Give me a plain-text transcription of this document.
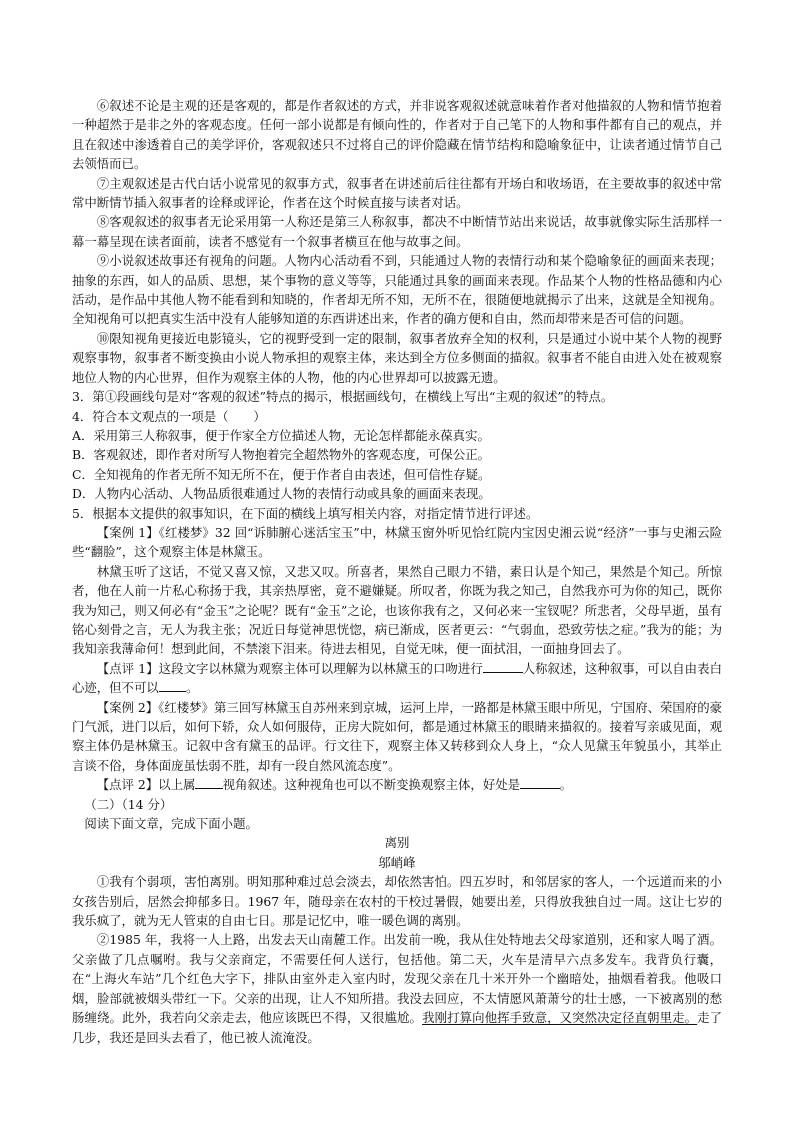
⑥叙述不论是主观的还是客观的，都是作者叙述的方式，并非说客观叙述就意味着作者对他描叙的人物和情节抱着一种超然于是非之外的客观态度。任何一部小说都是有倾向性的，作者对于自己笔下的人物和事件都有自己的观点，并且在叙述中渗透着自己的美学评价，客观叙述只不过将自己的评价隐藏在情节结构和隐喻象征中，让读者通过情节自己去领悟而已。

⑦主观叙述是古代白话小说常见的叙事方式，叙事者在讲述前后往往都有开场白和收场语，在主要故事的叙述中常常中断情节插入叙事者的诠释或评论，作者在这个时候直接与读者对话。

⑧客观叙述的叙事者无论采用第一人称还是第三人称叙事，都决不中断情节站出来说话，故事就像实际生活那样一幕一幕呈现在读者面前，读者不感觉有一个叙事者横亘在他与故事之间。

⑨小说叙述故事还有视角的问题。人物内心活动看不到，只能通过人物的表情行动和某个隐喻象征的画面来表现；抽象的东西，如人的品质、思想，某个事物的意义等等，只能通过具象的画面来表现。作品某个人物的性格品德和内心活动，是作品中其他人物不能看到和知晓的，作者却无所不知，无所不在，很随便地就揭示了出来，这就是全知视角。全知视角可以把真实生活中没有人能够知道的东西讲述出来，作者的确方便和自由，然而却带来是否可信的问题。

⑩限知视角更接近电影镜头，它的视野受到一定的限制，叙事者放弃全知的权利，只是通过小说中某个人物的视野观察事物，叙事者不断变换由小说人物承担的观察主体，来达到全方位多侧面的描叙。叙事者不能自由进入处在被观察地位人物的内心世界，但作为观察主体的人物，他的内心世界却可以披露无遗。

3．第①段画线句是对“客观的叙述”特点的揭示，根据画线句，在横线上写出“主观的叙述”的特点。

4．符合本文观点的一项是（　　）

A．采用第三人称叙事，便于作家全方位描述人物，无论怎样都能永葆真实。

B．客观叙述，即作者对所写人物抱着完全超然物外的客观态度，可保公正。

C．全知视角的作者无所不知无所不在，便于作者自由表述，但可信性存疑。

D．人物内心活动、人物品质很难通过人物的表情行动或具象的画面来表现。

5．根据本文提供的叙事知识，在下面的横线上填写相关内容，对指定情节进行评述。

【案例 1】《红楼梦》32 回“诉肺腑心迷活宝玉”中，林黛玉窗外听见恰红院内宝因史湘云说“经济”一事与史湘云险些“翻脸”，这个观察主体是林黛玉。

林黛玉听了这话，不觉又喜又惊，又悲又叹。所喜者，果然自己眼力不错，素日认是个知己，果然是个知己。所惊者，他在人前一片私心称扬于我，其亲热厚密，竟不避嫌疑。所叹者，你既为我之知己，自然我亦可为你的知己，既你我为知己，则又何必有“金玉”之论呢？既有“金玉”之论，也该你我有之，又何必来一宝钗呢？所悲者，父母早逝，虽有铭心刻骨之言，无人为我主张；况近日每觉神思恍惚，病已渐成，医者更云：“气弱血，恐致劳怯之症。”我为的能；为我知亲我薄命何！想到此间，不禁滚下泪来。待进去相见，自觉无味，便一面拭泪，一面抽身回去了。

【点评 1】这段文字以林黛为观察主体可以理解为以林黛玉的口吻进行	人称叙述，这种叙事，可以自由表白心迹，但不可以 。

【案例 2】《红楼梦》第三回写林黛玉自苏州来到京城，运河上岸，一路都是林黛玉眼中所见，宁国府、荣国府的豪门气派，进门以后，如何下轿，众人如何服侍，正房大院如何，都是通过林黛玉的眼睛来描叙的。接着写亲戚见面，观察主体仍是林黛玉。记叙中含有黛玉的品评。行文往下，观察主体又转移到众人身上，“众人见黛玉年貌虽小，其举止言谈不俗，身体面庞虽怯弱不胜，却有一段自然风流态度”。

【点评 2】以上属 视角叙述。这种视角也可以不断变换观察主体，好处是	。

（二）（14 分）

阅读下面文章，完成下面小题。

离别

邬峭峰

①我有个弱项，害怕离别。明知那种难过总会淡去，却依然害怕。四五岁时，和邻居家的客人，一个远道而来的小女孩告别后，居然会抑郁多日。1967 年，随母亲在农村的干校过暑假，她要出差，只得放我独自过一周。这让七岁的我乐疯了，就为无人管束的自由七日。那是记忆中，唯一暖色调的离别。

②1985 年，我将一人上路，出发去天山南麓工作。出发前一晚，我从住处特地去父母家道别，还和家人喝了酒。父亲做了几点嘱咐。我与父亲商定，不需要任何人送行，包括他。第二天，火车是清早六点多发车。我背负行囊，在“上海火车站”几个红色大字下，排队由室外走入室内时，发现父亲在几十米开外一个幽暗处，抽烟看着我。他吸口烟，脸部就被烟头带红一下。父亲的出现，让人不知所措。我没去回应，不太情愿风萧萧兮的壮士感，一下被离别的愁肠缠绕。此外，我若向父亲走去，他应该既巴不得，又很尴尬。我刚打算向他挥手致意，又突然决定径直朝里走。走了几步，我还是回头去看了，他已被人流淹没。
